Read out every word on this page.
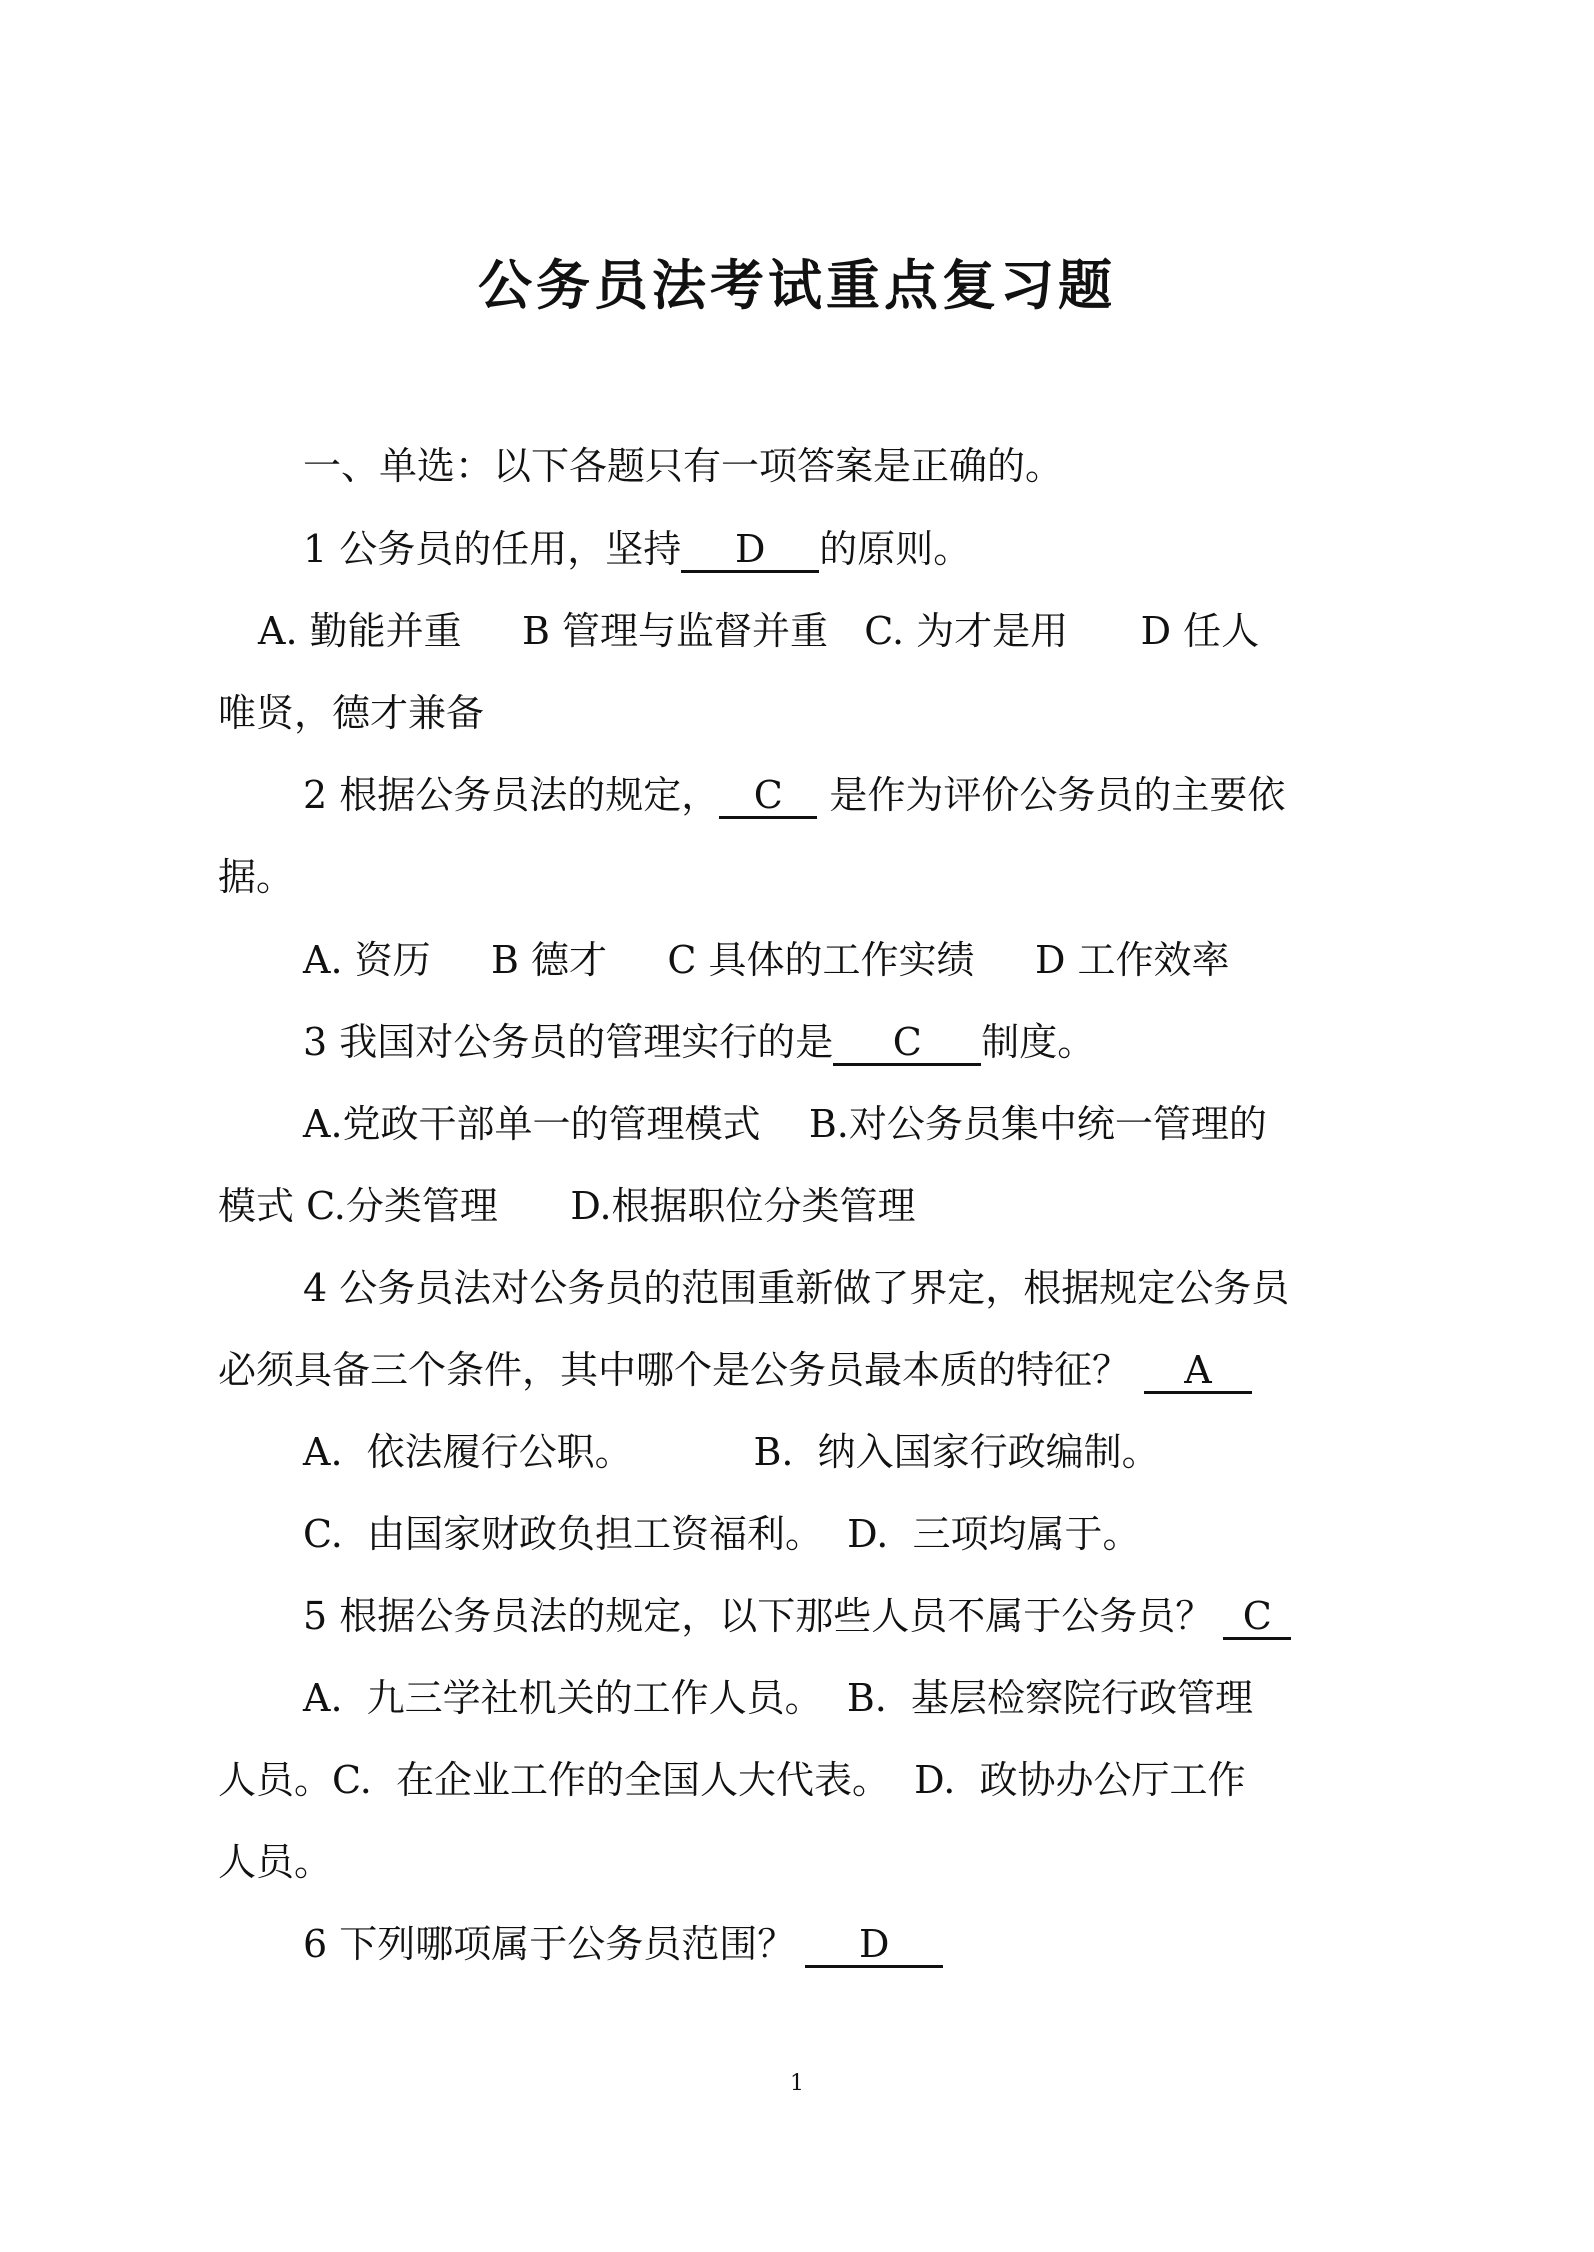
公务员法考试重点复习题
一、单选：以下各题只有一项答案是正确的。
1 公务员的任用，坚持 D 的原则。
A. 勤能并重     B 管理与监督并重   C. 为才是用      D 任人
唯贤，德才兼备
2 根据公务员法的规定， C 是作为评价公务员的主要依
据。
A. 资历     B 德才     C 具体的工作实绩     D 工作效率
3 我国对公务员的管理实行的是 C 制度。
A.党政干部单一的管理模式    B.对公务员集中统一管理的
模式 C.分类管理      D.根据职位分类管理
4 公务员法对公务员的范围重新做了界定，根据规定公务员
必须具备三个条件，其中哪个是公务员最本质的特征？ A
A.  依法履行公职。          B.  纳入国家行政编制。
C.  由国家财政负担工资福利。  D.  三项均属于。
5 根据公务员法的规定，以下那些人员不属于公务员？ C
A.  九三学社机关的工作人员。  B.  基层检察院行政管理
人员。C.  在企业工作的全国人大代表。  D.  政协办公厅工作
人员。
6 下列哪项属于公务员范围？ D
1
